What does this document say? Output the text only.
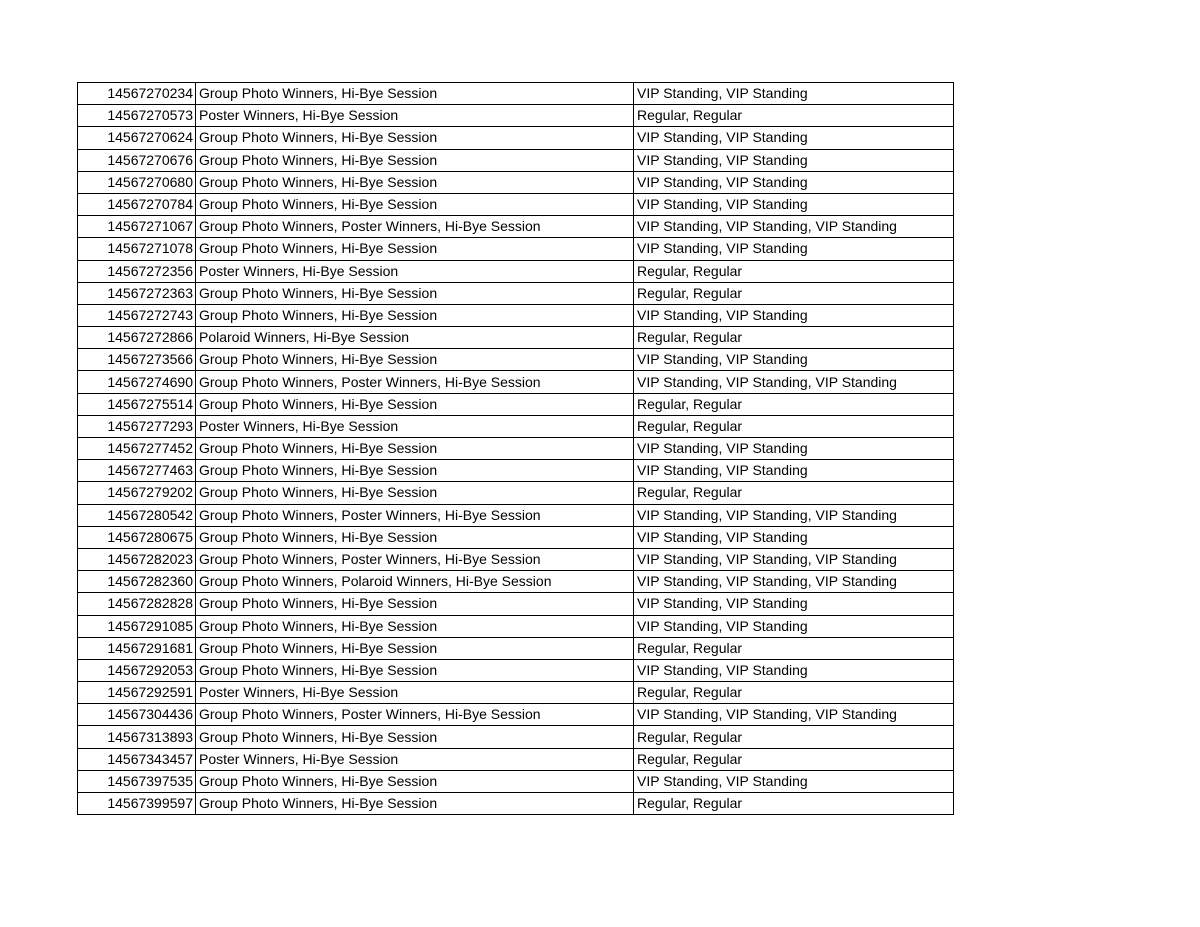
14567270234	Group Photo Winners, Hi-Bye Session	VIP Standing, VIP Standing
14567270573	Poster Winners, Hi-Bye Session	Regular, Regular
14567270624	Group Photo Winners, Hi-Bye Session	VIP Standing, VIP Standing
14567270676	Group Photo Winners, Hi-Bye Session	VIP Standing, VIP Standing
14567270680	Group Photo Winners, Hi-Bye Session	VIP Standing, VIP Standing
14567270784	Group Photo Winners, Hi-Bye Session	VIP Standing, VIP Standing
14567271067	Group Photo Winners, Poster Winners, Hi-Bye Session	VIP Standing, VIP Standing, VIP Standing
14567271078	Group Photo Winners, Hi-Bye Session	VIP Standing, VIP Standing
14567272356	Poster Winners, Hi-Bye Session	Regular, Regular
14567272363	Group Photo Winners, Hi-Bye Session	Regular, Regular
14567272743	Group Photo Winners, Hi-Bye Session	VIP Standing, VIP Standing
14567272866	Polaroid Winners, Hi-Bye Session	Regular, Regular
14567273566	Group Photo Winners, Hi-Bye Session	VIP Standing, VIP Standing
14567274690	Group Photo Winners, Poster Winners, Hi-Bye Session	VIP Standing, VIP Standing, VIP Standing
14567275514	Group Photo Winners, Hi-Bye Session	Regular, Regular
14567277293	Poster Winners, Hi-Bye Session	Regular, Regular
14567277452	Group Photo Winners, Hi-Bye Session	VIP Standing, VIP Standing
14567277463	Group Photo Winners, Hi-Bye Session	VIP Standing, VIP Standing
14567279202	Group Photo Winners, Hi-Bye Session	Regular, Regular
14567280542	Group Photo Winners, Poster Winners, Hi-Bye Session	VIP Standing, VIP Standing, VIP Standing
14567280675	Group Photo Winners, Hi-Bye Session	VIP Standing, VIP Standing
14567282023	Group Photo Winners, Poster Winners, Hi-Bye Session	VIP Standing, VIP Standing, VIP Standing
14567282360	Group Photo Winners, Polaroid Winners, Hi-Bye Session	VIP Standing, VIP Standing, VIP Standing
14567282828	Group Photo Winners, Hi-Bye Session	VIP Standing, VIP Standing
14567291085	Group Photo Winners, Hi-Bye Session	VIP Standing, VIP Standing
14567291681	Group Photo Winners, Hi-Bye Session	Regular, Regular
14567292053	Group Photo Winners, Hi-Bye Session	VIP Standing, VIP Standing
14567292591	Poster Winners, Hi-Bye Session	Regular, Regular
14567304436	Group Photo Winners, Poster Winners, Hi-Bye Session	VIP Standing, VIP Standing, VIP Standing
14567313893	Group Photo Winners, Hi-Bye Session	Regular, Regular
14567343457	Poster Winners, Hi-Bye Session	Regular, Regular
14567397535	Group Photo Winners, Hi-Bye Session	VIP Standing, VIP Standing
14567399597	Group Photo Winners, Hi-Bye Session	Regular, Regular
